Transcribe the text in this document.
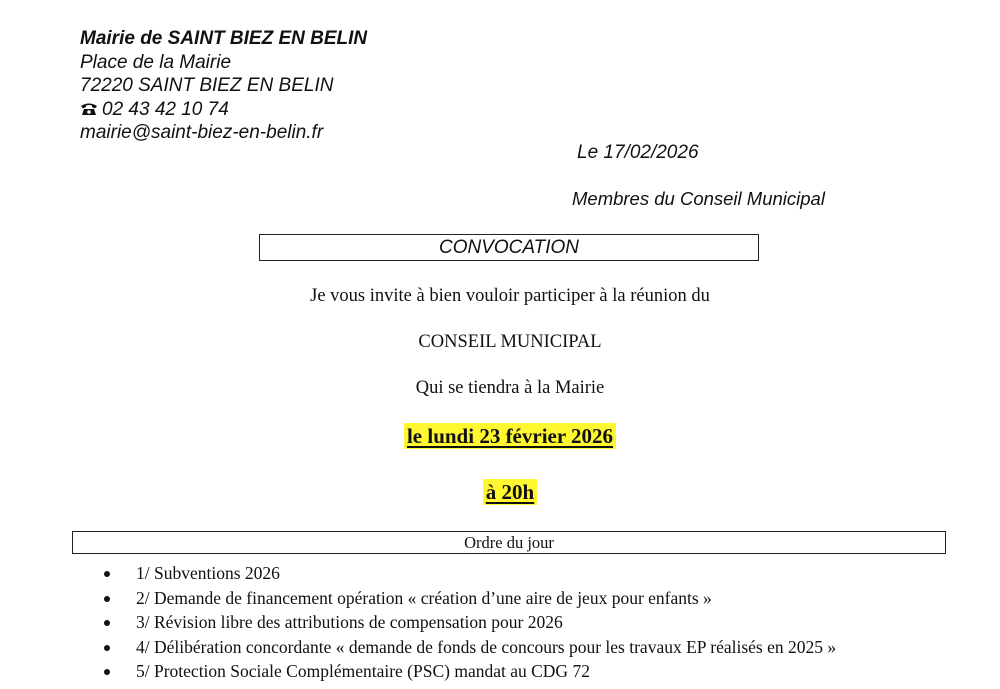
Mairie de SAINT BIEZ EN BELIN
Place de la Mairie
72220 SAINT BIEZ EN BELIN
02 43 42 10 74
mairie@saint-biez-en-belin.fr
Le 17/02/2026
Membres du Conseil Municipal
CONVOCATION
Je vous invite à bien vouloir participer à la réunion du
CONSEIL MUNICIPAL
Qui se tiendra à la Mairie
le lundi 23 février 2026
à 20h
Ordre du jour
1/ Subventions 2026
2/ Demande de financement opération « création d’une aire de jeux pour enfants »
3/ Révision libre des attributions de compensation pour 2026
4/ Délibération concordante « demande de fonds de concours pour les travaux EP réalisés en 2025 »
5/ Protection Sociale Complémentaire (PSC) mandat au CDG 72
